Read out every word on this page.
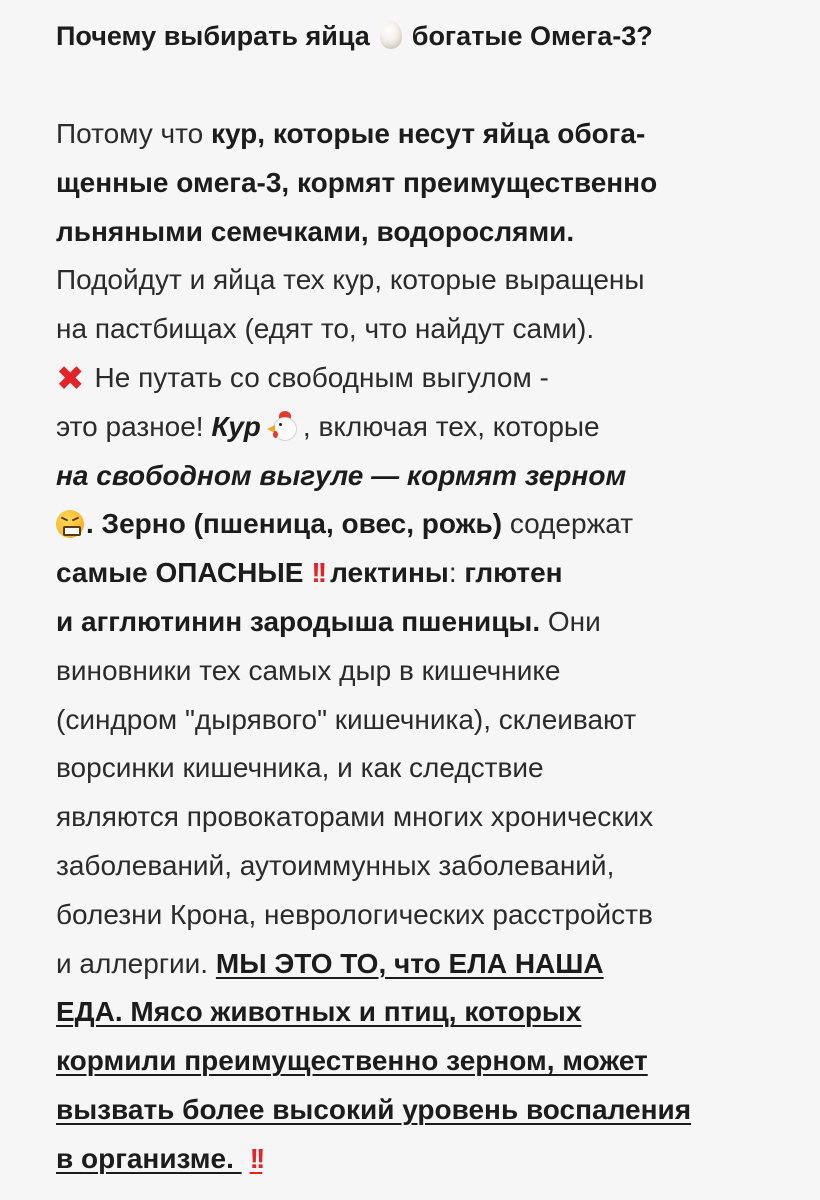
Почему выбирать яйца богатые Омега-3?
Потому что кур, которые несут яйца обога-
щенные омега-3, кормят преимущественно
льняными семечками, водорослями.
Подойдут и яйца тех кур, которые выращены
на пастбищах (едят то, что найдут сами).
✖ Не путать со свободным выгулом -
это разное! Кур , включая тех, которые
на свободном выгуле — кормят зерном
. Зерно (пшеница, овес, рожь) содержат
самые ОПАСНЫЕ !! лектины: глютен
и агглютинин зародыша пшеницы. Они
виновники тех самых дыр в кишечнике
(синдром "дырявого" кишечника), склеивают
ворсинки кишечника, и как следствие
являются провокаторами многих хронических
заболеваний, аутоиммунных заболеваний,
болезни Крона, неврологических расстройств
и аллергии. МЫ ЭТО ТО, что ЕЛА НАША
ЕДА. Мясо животных и птиц, которых
кормили преимущественно зерном, может
вызвать более высокий уровень воспаления
в организме. !!
